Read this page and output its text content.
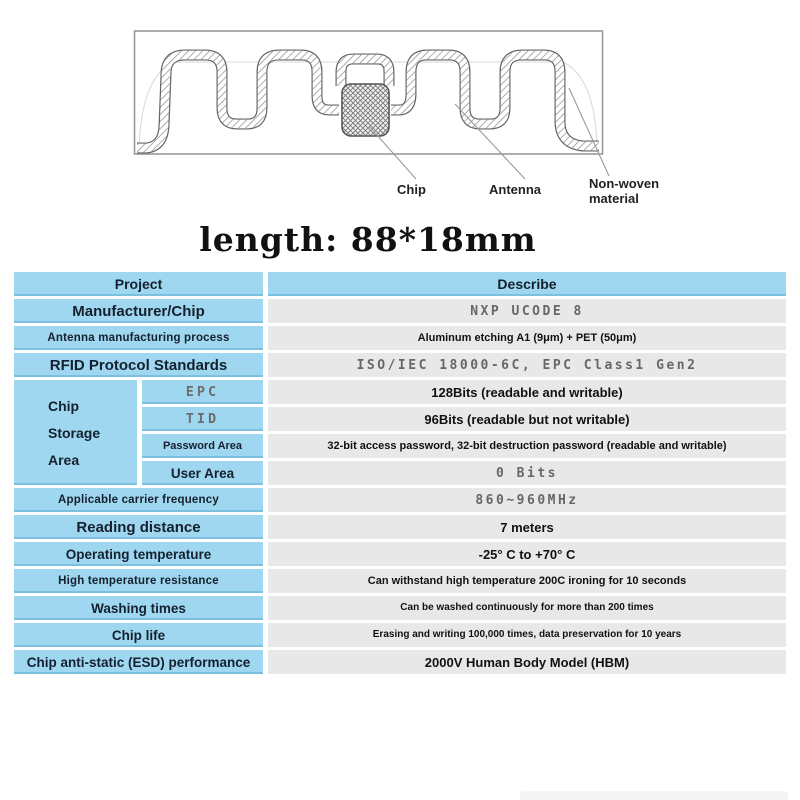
Chip	Antenna	Non-woven
material
length: 88*18mm
Project	Describe
Manufacturer/Chip	NXP UCODE 8
Antenna manufacturing process	Aluminum etching A1 (9μm) + PET (50μm)
RFID Protocol Standards	ISO/IEC 18000-6C, EPC Class1 Gen2
Chip
Storage
Area
EPC	128Bits (readable and writable)
TID	96Bits (readable but not writable)
Password Area	32-bit access password, 32-bit destruction password (readable and writable)
User Area	0 Bits
Applicable carrier frequency	860~960MHz
Reading distance	7 meters
Operating temperature	-25° C to +70° C
High temperature resistance	Can withstand high temperature 200C ironing for 10 seconds
Washing times	Can be washed continuously for more than 200 times
Chip life	Erasing and writing 100,000 times, data preservation for 10 years
Chip anti-static (ESD) performance	2000V Human Body Model (HBM)
